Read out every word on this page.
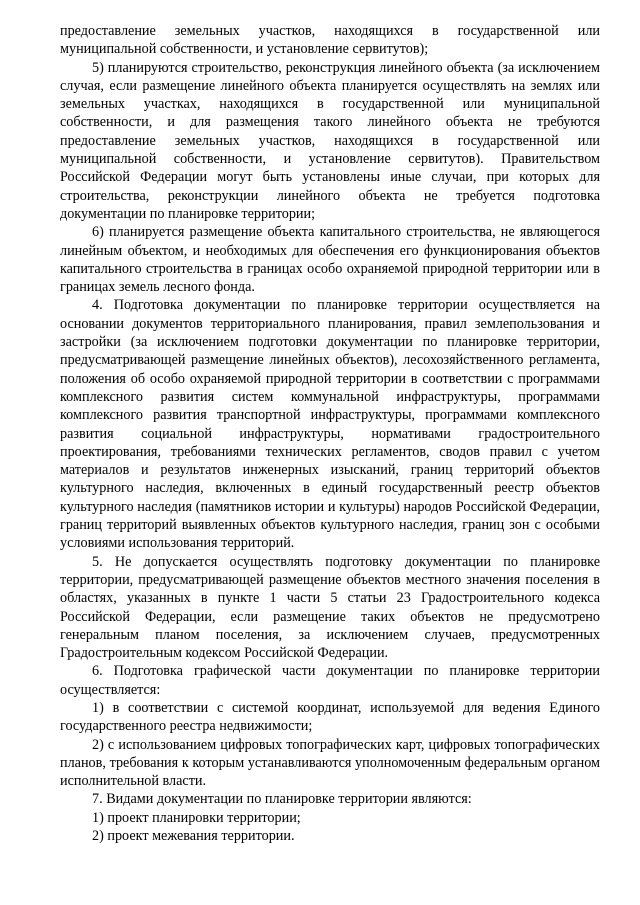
предоставление земельных участков, находящихся в государственной или муниципальной собственности, и установление сервитутов);

5) планируются строительство, реконструкция линейного объекта (за исключением случая, если размещение линейного объекта планируется осуществлять на землях или земельных участках, находящихся в государственной или муниципальной собственности, и для размещения такого линейного объекта не требуются предоставление земельных участков, находящихся в государственной или муниципальной собственности, и установление сервитутов). Правительством Российской Федерации могут быть установлены иные случаи, при которых для строительства, реконструкции линейного объекта не требуется подготовка документации по планировке территории;

6) планируется размещение объекта капитального строительства, не являющегося линейным объектом, и необходимых для обеспечения его функционирования объектов капитального строительства в границах особо охраняемой природной территории или в границах земель лесного фонда.

4. Подготовка документации по планировке территории осуществляется на основании документов территориального планирования, правил землепользования и застройки (за исключением подготовки документации по планировке территории, предусматривающей размещение линейных объектов), лесохозяйственного регламента, положения об особо охраняемой природной территории в соответствии с программами комплексного развития систем коммунальной инфраструктуры, программами комплексного развития транспортной инфраструктуры, программами комплексного развития социальной инфраструктуры, нормативами градостроительного проектирования, требованиями технических регламентов, сводов правил с учетом материалов и результатов инженерных изысканий, границ территорий объектов культурного наследия, включенных в единый государственный реестр объектов культурного наследия (памятников истории и культуры) народов Российской Федерации, границ территорий выявленных объектов культурного наследия, границ зон с особыми условиями использования территорий.

5. Не допускается осуществлять подготовку документации по планировке территории, предусматривающей размещение объектов местного значения поселения в областях, указанных в пункте 1 части 5 статьи 23 Градостроительного кодекса Российской Федерации, если размещение таких объектов не предусмотрено генеральным планом поселения, за исключением случаев, предусмотренных Градостроительным кодексом Российской Федерации.

6. Подготовка графической части документации по планировке территории осуществляется:

1) в соответствии с системой координат, используемой для ведения Единого государственного реестра недвижимости;

2) с использованием цифровых топографических карт, цифровых топографических планов, требования к которым устанавливаются уполномоченным федеральным органом исполнительной власти.

7. Видами документации по планировке территории являются:

1) проект планировки территории;

2) проект межевания территории.
